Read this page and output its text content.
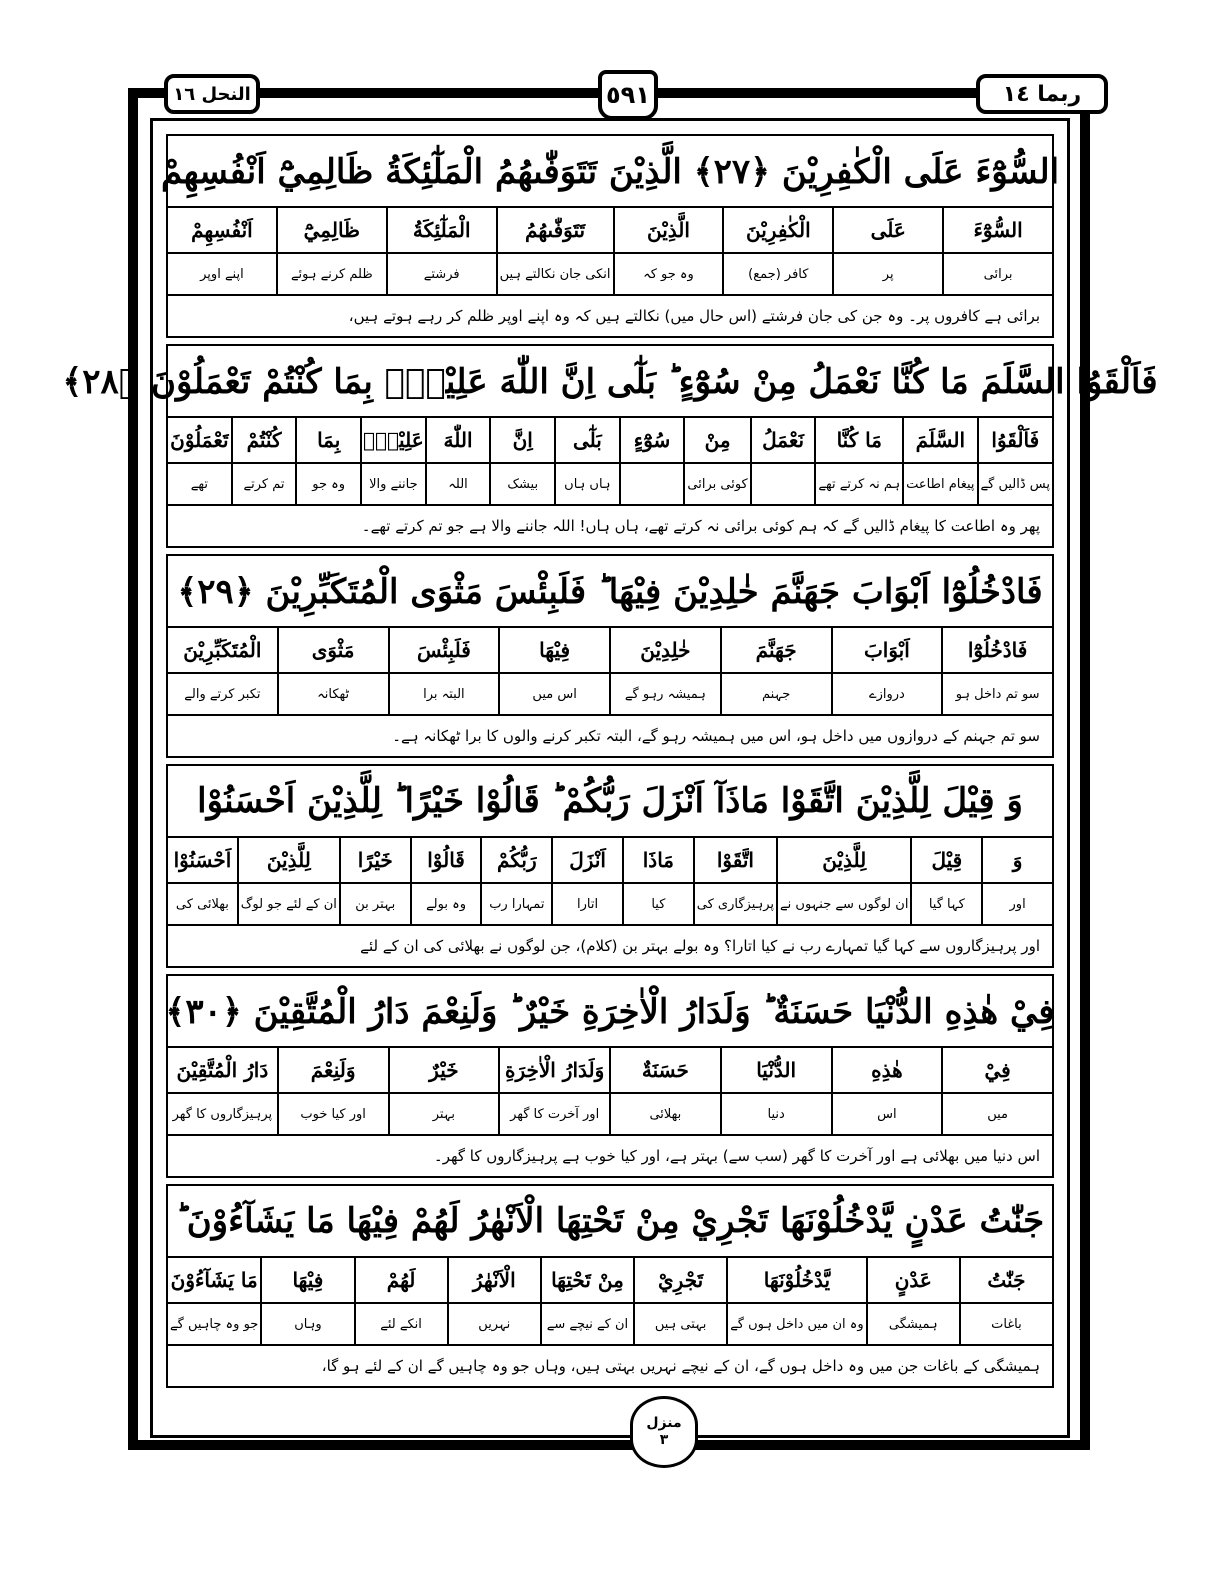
ربما ١٤
٥٩١
النحل ١٦
السُّوْٓءَ عَلَى الْكٰفِرِيْنَ ﴿٢٧﴾ الَّذِيْنَ تَتَوَفّٰىهُمُ الْمَلٰٓئِكَةُ ظَالِمِيْٓ اَنْفُسِهِمْ
السُّوْٓءَ
برائی
عَلَى
پر
الْكٰفِرِيْنَ
کافر (جمع)
الَّذِيْنَ
وہ جو کہ
تَتَوَفّٰىهُمُ
انکی جان نکالتے ہیں
الْمَلٰٓئِكَةُ
فرشتے
ظَالِمِيْٓ
ظلم کرنے ہوئے
اَنْفُسِهِمْ
اپنے اوپر
برائی ہے کافروں پر۔ وہ جن کی جان فرشتے (اس حال میں) نکالتے ہیں کہ وہ اپنے اوپر ظلم کر رہے ہوتے ہیں،
فَاَلْقَوُا السَّلَمَ مَا كُنَّا نَعْمَلُ مِنْ سُوْٓءٍ ؕ بَلٰٓى اِنَّ اللّٰهَ عَلِيْمٌۢ بِمَا كُنْتُمْ تَعْمَلُوْنَ ﴿٢٨﴾
فَاَلْقَوُا
پس ڈالیں گے
السَّلَمَ
پیغام اطاعت
مَا كُنَّا
ہم نہ کرتے تھے
نَعْمَلُ
مِنْ
کوئی برائی
سُوْٓءٍ
بَلٰٓى
ہاں ہاں
اِنَّ
بیشک
اللّٰهَ
اللہ
عَلِيْمٌۢ
جاننے والا
بِمَا
وہ جو
كُنْتُمْ
تم کرتے
تَعْمَلُوْنَ
تھے
پھر وہ اطاعت کا پیغام ڈالیں گے کہ ہم کوئی برائی نہ کرتے تھے، ہاں ہاں! اللہ جاننے والا ہے جو تم کرتے تھے۔
فَادْخُلُوْٓا اَبْوَابَ جَهَنَّمَ خٰلِدِيْنَ فِيْهَا ؕ فَلَبِئْسَ مَثْوَى الْمُتَكَبِّرِيْنَ ﴿٢٩﴾
فَادْخُلُوْٓا
سو تم داخل ہو
اَبْوَابَ
دروازے
جَهَنَّمَ
جہنم
خٰلِدِيْنَ
ہمیشہ رہو گے
فِيْهَا
اس میں
فَلَبِئْسَ
البتہ برا
مَثْوَى
ٹھکانہ
الْمُتَكَبِّرِيْنَ
تکبر کرتے والے
سو تم جہنم کے دروازوں میں داخل ہو، اس میں ہمیشہ رہو گے، البتہ تکبر کرنے والوں کا برا ٹھکانہ ہے۔
وَ قِيْلَ لِلَّذِيْنَ اتَّقَوْا مَاذَآ اَنْزَلَ رَبُّكُمْ ؕ قَالُوْا خَيْرًا ؕ لِلَّذِيْنَ اَحْسَنُوْا
وَ
اور
قِيْلَ
کہا گیا
لِلَّذِيْنَ
ان لوگوں سے جنہوں نے
اتَّقَوْا
پرہیزگاری کی
مَاذَا
کیا
اَنْزَلَ
اتارا
رَبُّكُمْ
تمہارا رب
قَالُوْا
وہ بولے
خَيْرًا
بہتر بن
لِلَّذِيْنَ
ان کے لئے جو لوگ
اَحْسَنُوْا
بھلائی کی
اور پرہیزگاروں سے کہا گیا تمہارے رب نے کیا اتارا؟ وہ بولے بہتر بن (کلام)، جن لوگوں نے بھلائی کی ان کے لئے
فِيْ هٰذِهِ الدُّنْيَا حَسَنَةٌ ؕ وَلَدَارُ الْاٰخِرَةِ خَيْرٌ ؕ وَلَنِعْمَ دَارُ الْمُتَّقِيْنَ ﴿٣٠﴾
فِيْ
میں
هٰذِهِ
اس
الدُّنْيَا
دنیا
حَسَنَةٌ
بھلائی
وَلَدَارُ الْاٰخِرَةِ
اور آخرت کا گھر
خَيْرٌ
بہتر
وَلَنِعْمَ
اور کیا خوب
دَارُ الْمُتَّقِيْنَ
پرہیزگاروں کا گھر
اس دنیا میں بھلائی ہے اور آخرت کا گھر (سب سے) بہتر ہے، اور کیا خوب ہے پرہیزگاروں کا گھر۔
جَنّٰتُ عَدْنٍ يَّدْخُلُوْنَهَا تَجْرِيْ مِنْ تَحْتِهَا الْاَنْهٰرُ لَهُمْ فِيْهَا مَا يَشَآءُوْنَ ؕ
جَنّٰتُ
باغات
عَدْنٍ
ہمیشگی
يَّدْخُلُوْنَهَا
وہ ان میں داخل ہوں گے
تَجْرِيْ
بہتی ہیں
مِنْ تَحْتِهَا
ان کے نیچے سے
الْاَنْهٰرُ
نہریں
لَهُمْ
انکے لئے
فِيْهَا
وہاں
مَا يَشَآءُوْنَ
جو وہ چاہیں گے
ہمیشگی کے باغات جن میں وہ داخل ہوں گے، ان کے نیچے نہریں بہتی ہیں، وہاں جو وہ چاہیں گے ان کے لئے ہو گا،
منزل
٣
